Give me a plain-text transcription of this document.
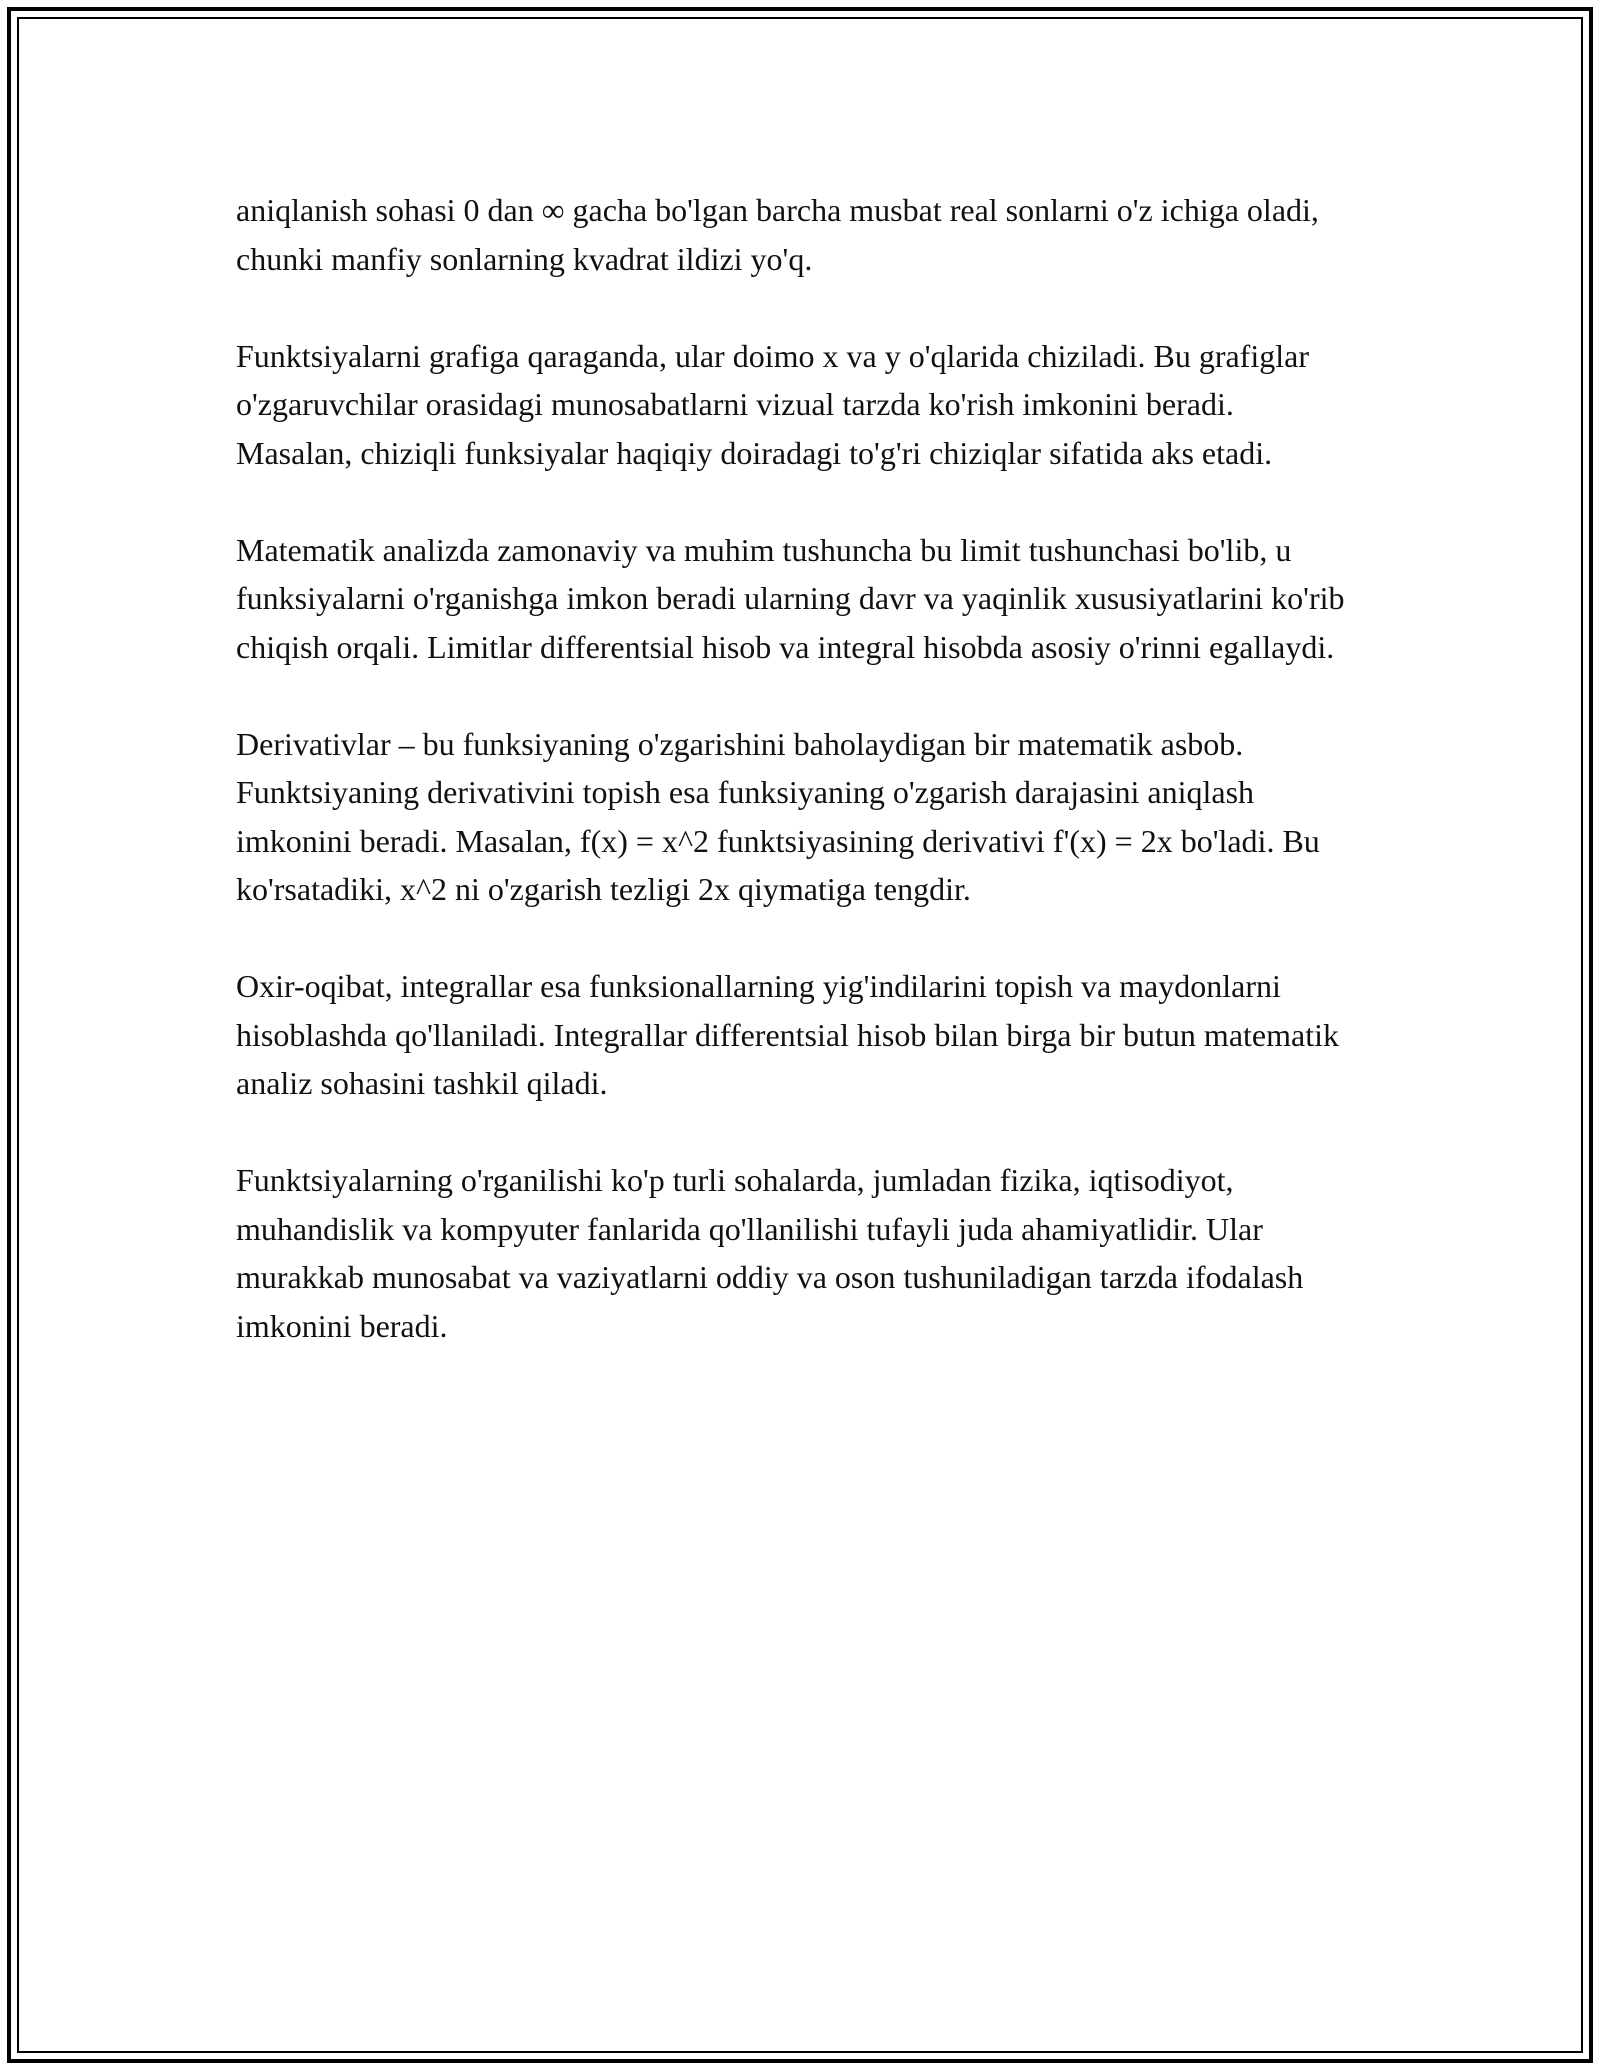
aniqlanish sohasi 0 dan ∞ gacha bo'lgan barcha musbat real sonlarni o'z ichiga oladi, chunki manfiy sonlarning kvadrat ildizi yo'q.

Funktsiyalarni grafiga qaraganda, ular doimo x va y o'qlarida chiziladi. Bu grafiglar o'zgaruvchilar orasidagi munosabatlarni vizual tarzda ko'rish imkonini beradi. Masalan, chiziqli funksiyalar haqiqiy doiradagi to'g'ri chiziqlar sifatida aks etadi.

Matematik analizda zamonaviy va muhim tushuncha bu limit tushunchasi bo'lib, u funksiyalarni o'rganishga imkon beradi ularning davr va yaqinlik xususiyatlarini ko'rib chiqish orqali. Limitlar differentsial hisob va integral hisobda asosiy o'rinni egallaydi.

Derivativlar – bu funksiyaning o'zgarishini baholaydigan bir matematik asbob. Funktsiyaning derivativini topish esa funksiyaning o'zgarish darajasini aniqlash imkonini beradi. Masalan, f(x) = x^2 funktsiyasining derivativi f'(x) = 2x bo'ladi. Bu ko'rsatadiki, x^2 ni o'zgarish tezligi 2x qiymatiga tengdir.

Oxir-oqibat, integrallar esa funksionallarning yig'indilarini topish va maydonlarni hisoblashda qo'llaniladi. Integrallar differentsial hisob bilan birga bir butun matematik analiz sohasini tashkil qiladi.

Funktsiyalarning o'rganilishi ko'p turli sohalarda, jumladan fizika, iqtisodiyot, muhandislik va kompyuter fanlarida qo'llanilishi tufayli juda ahamiyatlidir. Ular murakkab munosabat va vaziyatlarni oddiy va oson tushuniladigan tarzda ifodalash imkonini beradi.
